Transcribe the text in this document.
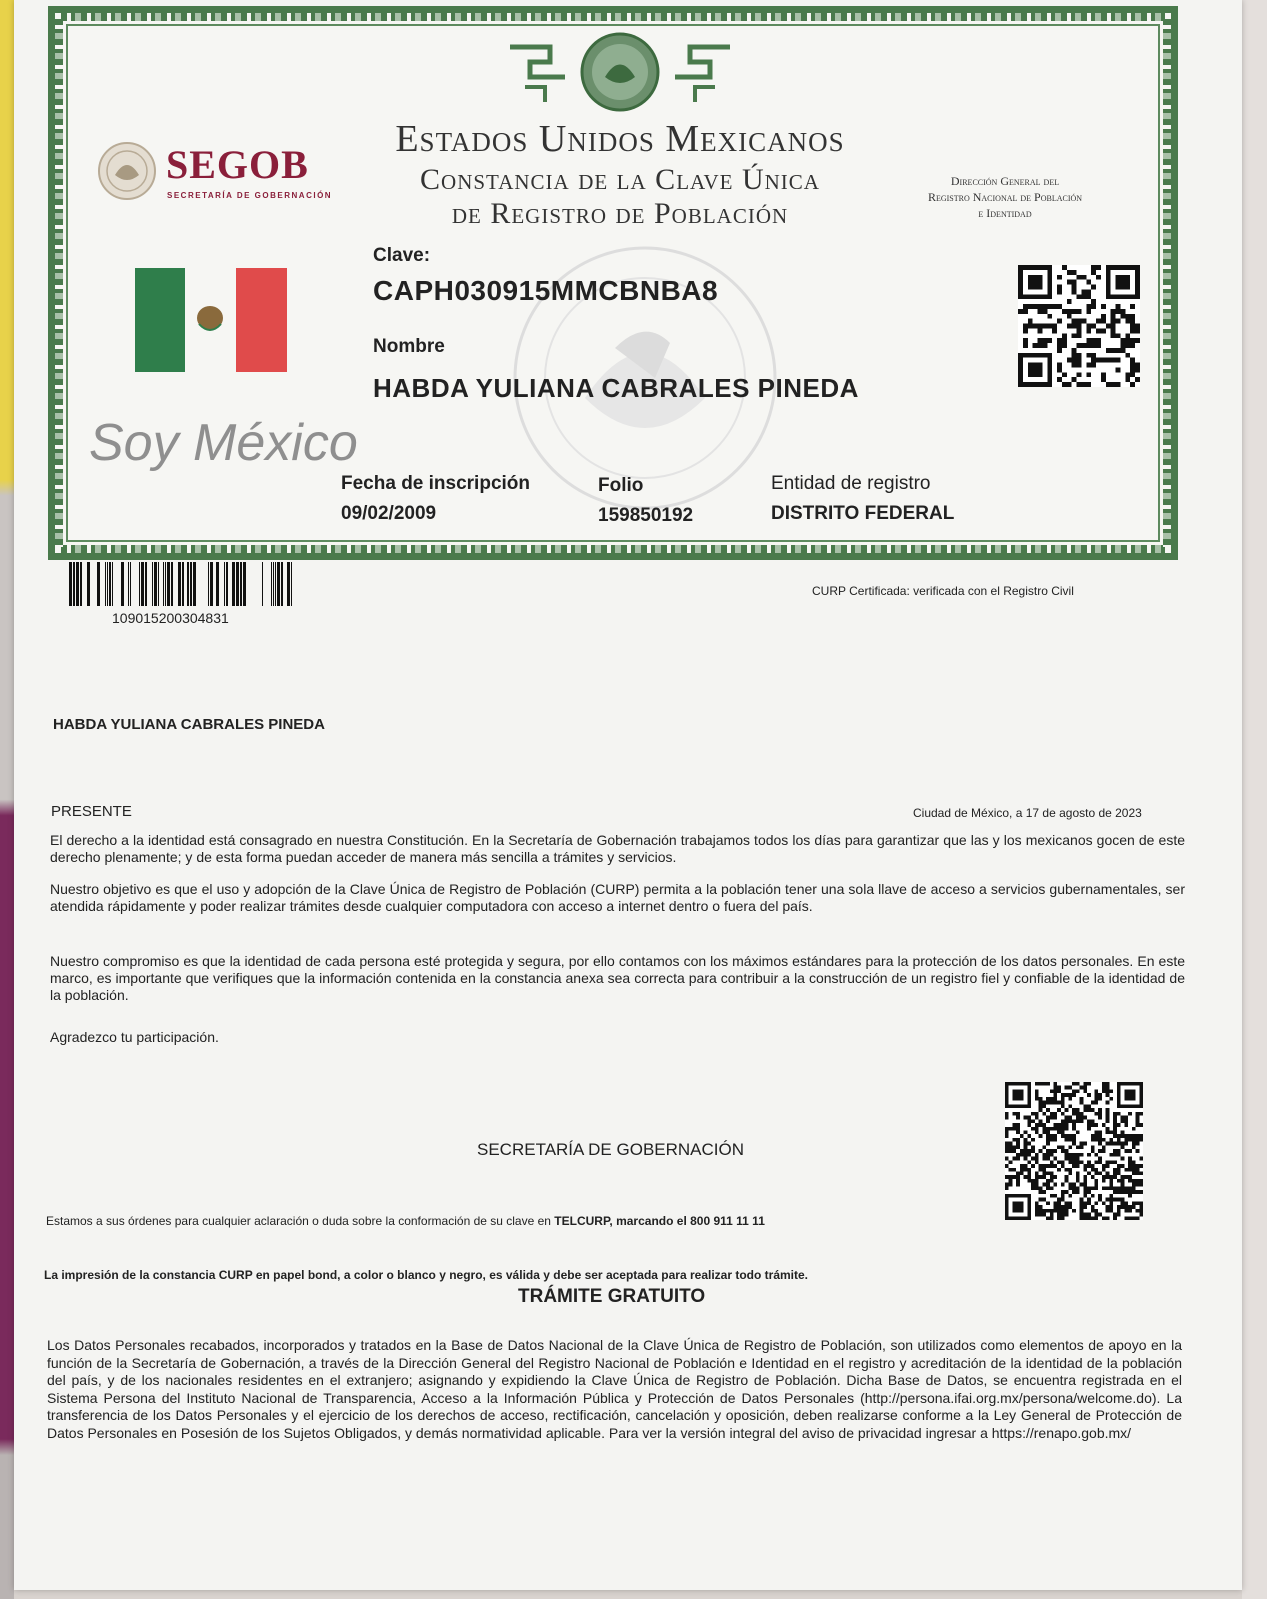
SEGOB
SECRETARÍA DE GOBERNACIÓN
Estados Unidos Mexicanos
Constancia de la Clave Única
de Registro de Población
Dirección General del
Registro Nacional de Población
e Identidad
Clave:
CAPH030915MMCBNBA8
Nombre
HABDA YULIANA CABRALES PINEDA
Soy México
Fecha de inscripción
09/02/2009
Folio
159850192
Entidad de registro
DISTRITO FEDERAL
109015200304831
CURP Certificada: verificada con el Registro Civil
HABDA YULIANA CABRALES PINEDA
PRESENTE	Ciudad de México, a 17 de agosto de 2023
El derecho a la identidad está consagrado en nuestra Constitución. En la Secretaría de Gobernación trabajamos todos los días para garantizar que las y los mexicanos gocen de este derecho plenamente; y de esta forma puedan acceder de manera más sencilla a trámites y servicios.
Nuestro objetivo es que el uso y adopción de la Clave Única de Registro de Población (CURP) permita a la población tener una sola llave de acceso a servicios gubernamentales, ser atendida rápidamente y poder realizar trámites desde cualquier computadora con acceso a internet dentro o fuera del país.
Nuestro compromiso es que la identidad de cada persona esté protegida y segura, por ello contamos con los máximos estándares para la protección de los datos personales. En este marco, es importante que verifiques que la información contenida en la constancia anexa sea correcta para contribuir a la construcción de un registro fiel y confiable de la identidad de la población.
Agradezco tu participación.
SECRETARÍA DE GOBERNACIÓN
Estamos a sus órdenes para cualquier aclaración o duda sobre la conformación de su clave en TELCURP, marcando el 800 911 11 11
La impresión de la constancia CURP en papel bond, a color o blanco y negro, es válida y debe ser aceptada para realizar todo trámite.
TRÁMITE GRATUITO
Los Datos Personales recabados, incorporados y tratados en la Base de Datos Nacional de la Clave Única de Registro de Población, son utilizados como elementos de apoyo en la función de la Secretaría de Gobernación, a través de la Dirección General del Registro Nacional de Población e Identidad en el registro y acreditación de la identidad de la población del país, y de los nacionales residentes en el extranjero; asignando y expidiendo la Clave Única de Registro de Población. Dicha Base de Datos, se encuentra registrada en el Sistema Persona del Instituto Nacional de Transparencia, Acceso a la Información Pública y Protección de Datos Personales (http://persona.ifai.org.mx/persona/welcome.do). La transferencia de los Datos Personales y el ejercicio de los derechos de acceso, rectificación, cancelación y oposición, deben realizarse conforme a la Ley General de Protección de Datos Personales en Posesión de los Sujetos Obligados, y demás normatividad aplicable. Para ver la versión integral del aviso de privacidad ingresar a https://renapo.gob.mx/
